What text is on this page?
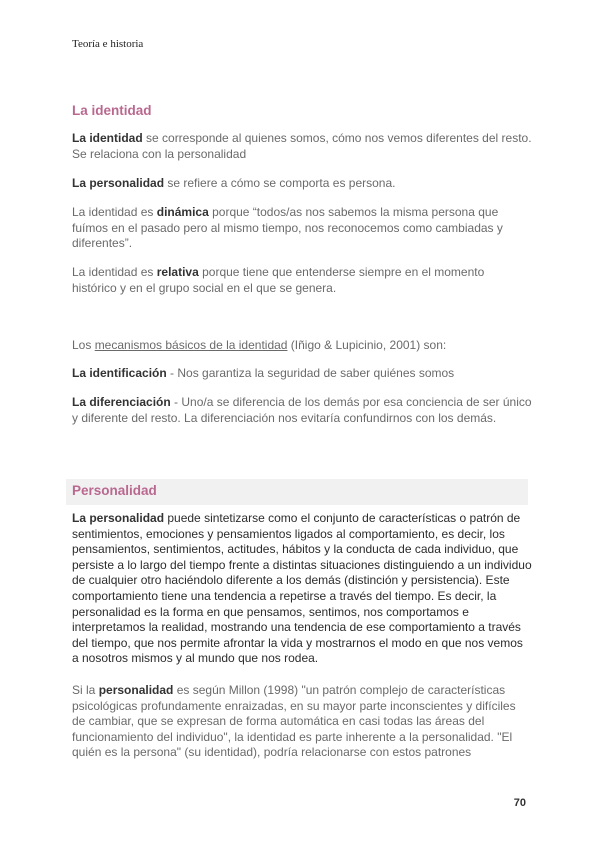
Teoría e historia
La identidad

La identidad se corresponde al quienes somos, cómo nos vemos diferentes del resto. Se relaciona con la personalidad

La personalidad se refiere a cómo se comporta es persona.

La identidad es dinámica porque “todos/as nos sabemos la misma persona que fuímos en el pasado pero al mismo tiempo, nos reconocemos como cambiadas y diferentes”.

La identidad es relativa porque tiene que entenderse siempre en el momento histórico y en el grupo social en el que se genera.

Los mecanismos básicos de la identidad (Iñigo & Lupicinio, 2001) son:

La identificación - Nos garantiza la seguridad de saber quiénes somos

La diferenciación - Uno/a se diferencia de los demás por esa conciencia de ser único y diferente del resto. La diferenciación nos evitaría confundirnos con los demás.

Personalidad

La personalidad puede sintetizarse como el conjunto de características o patrón de sentimientos, emociones y pensamientos ligados al comportamiento, es decir, los pensamientos, sentimientos, actitudes, hábitos y la conducta de cada individuo, que persiste a lo largo del tiempo frente a distintas situaciones distinguiendo a un individuo de cualquier otro haciéndolo diferente a los demás (distinción y persistencia). Este comportamiento tiene una tendencia a repetirse a través del tiempo. Es decir, la personalidad es la forma en que pensamos, sentimos, nos comportamos e interpretamos la realidad, mostrando una tendencia de ese comportamiento a través del tiempo, que nos permite afrontar la vida y mostrarnos el modo en que nos vemos a nosotros mismos y al mundo que nos rodea.

Si la personalidad es según Millon (1998) "un patrón complejo de características psicológicas profundamente enraizadas, en su mayor parte inconscientes y difíciles de cambiar, que se expresan de forma automática en casi todas las áreas del funcionamiento del individuo", la identidad es parte inherente a la personalidad. "El quién es la persona" (su identidad), podría relacionarse con estos patrones

70
